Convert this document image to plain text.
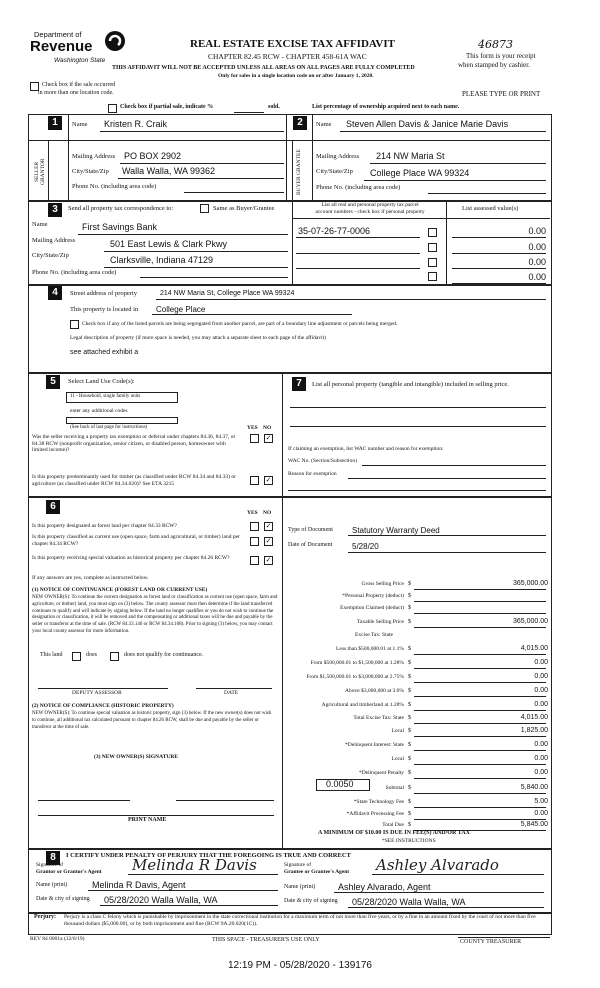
Department of
Revenue
Washington State
REAL ESTATE EXCISE TAX AFFIDAVIT
CHAPTER 82.45 RCW - CHAPTER 458-61A WAC
THIS AFFIDAVIT WILL NOT BE ACCEPTED UNLESS ALL AREAS ON ALL PAGES ARE FULLY COMPLETED
Only for sales in a single location code on or after January 1, 2020.
This form is your receipt
when stamped by cashier.
46873
Check box if the sale occurred
in more than one location code.	PLEASE TYPE OR PRINT
Check box if partial sale, indicate %	sold.	List percentage of ownership acquired next to each name.
1	2
SELLER GRANTOR	BUYER GRANTEE
Name Kristen R. Craik
Mailing Address PO BOX 2902
City/State/Zip Walla Walla, WA 99362
Phone No. (including area code)
Name Steven Allen Davis & Janice Marie Davis
Mailing Address 214 NW Maria St
City/State/Zip College Place WA 99324
Phone No. (including area code)
3	Send all property tax correspondence to:	Same as Buyer/Grantee	List all real and personal property tax parcel
account numbers - check box if personal property	List assessed value(s)
Name	First Savings Bank
Mailing Address	501 East Lewis & Clark Pkwy
City/State/Zip	Clarksville, Indiana 47129
Phone No. (including area code)
35-07-26-77-0006	0.00
0.00
0.00
0.00
4	Street address of property	214 NW Maria St, College Place WA 99324
This property is located in College Place
Check box if any of the listed parcels are being segregated from another parcel, are part of a boundary line adjustment or parcels being merged.
Legal description of property (if more space is needed, you may attach a separate sheet to each page of the affidavit)
see attached exhibit a
5	Select Land Use Code(s):
11 - Household, single family units
enter any additional codes
(See back of last page for instructions)	YES NO
Was the seller receiving a property tax exemption or deferral under chapters 84.36, 84.37, or 84.38 RCW (nonprofit organization, senior citizen, or disabled person, homeowner with limited income)?
✓
Is this property predominantly used for timber (as classified under RCW 84.34 and 84.33) or agriculture (as classified under RCW 84.34.020)? See ETA 3215	✓
7	List all personal property (tangible and intangible) included in selling price.
If claiming an exemption, list WAC number and reason for exemption:
WAC No. (Section/Subsection)
Reason for exemption
6
YES NO
Is this property designated as forest land per chapter 84.33 RCW?	✓
Is this property classified as current use (open space, farm and agricultural, or timber) land per chapter 84.34 RCW?	✓
Is this property receiving special valuation as historical property per chapter 84.26 RCW?	✓
If any answers are yes, complete as instructed below.
(1) NOTICE OF CONTINUANCE (FOREST LAND OR CURRENT USE)
NEW OWNER(S): To continue the current designation as forest land or classification as current use (open space, farm and agriculture, or timber) land, you must sign on (3) below. The county assessor must then determine if the land transferred continues to qualify and will indicate by signing below. If the land no longer qualifies or you do not wish to continue the designation or classification, it will be removed and the compensating or additional taxes will be due and payable by the seller or transferor at the time of sale. (RCW 84.33.140 or RCW 84.34.108). Prior to signing (3) below, you may contact your local county assessor for more information.
This land	does	does not qualify for continuance.
DEPUTY ASSESSOR	DATE
(2) NOTICE OF COMPLIANCE (HISTORIC PROPERTY)
NEW OWNER(S): To continue special valuation as historic property, sign (3) below. If the new owner(s) does not wish to continue, all additional tax calculated pursuant to chapter 84.26 RCW, shall be due and payable by the seller or transferor at the time of sale.
(3) NEW OWNER(S) SIGNATURE
PRINT NAME
Type of Document Statutory Warranty Deed
Date of Document 5/28/20
Gross Selling Price $	365,000.00
*Personal Property (deduct) $
Exemption Claimed (deduct) $
Taxable Selling Price $	365,000.00
Excise Tax: State
Less than $500,000.01 at 1.1% $	4,015.00
From $500,000.01 to $1,500,000 at 1.28% $	0.00
From $1,500,000.01 to $3,000,000 at 2.75% $	0.00
Above $3,000,000 at 3.0% $	0.00
Agricultural and timberland at 1.28% $	0.00
Total Excise Tax: State $	4,015.00
Local $	1,825.00
*Delinquent Interest: State $	0.00
Local $	0.00
*Delinquent Penalty $	0.00
Subtotal $	5,840.00
*State Technology Fee $	5.00
*Affidavit Processing Fee $	0.00
Total Due $	5,845.00
0.0050
A MINIMUM OF $10.00 IS DUE IN FEE(S) AND/OR TAX
*SEE INSTRUCTIONS
8	I CERTIFY UNDER PENALTY OF PERJURY THAT THE FOREGOING IS TRUE AND CORRECT
Signature of
Grantor or Grantor's Agent Melinda R Davis	Signature of
Grantee or Grantee's Agent Ashley Alvarado
Name (print)	Melinda R Davis, Agent	Name (print)	Ashley Alvarado, Agent
Date & city of signing 05/28/2020 Walla Walla, WA	Date & city of signing 05/28/2020 Walla Walla, WA
Perjury: Perjury is a class C felony which is punishable by imprisonment in the state correctional institution for a maximum term of not more than five years, or by a fine in an amount fixed by the court of not more than five thousand dollars ($5,000.00), or by both imprisonment and fine (RCW 9A.20.020(1C)).
REV 84 0001a (12/6/19)	THIS SPACE - TREASURER'S USE ONLY	COUNTY TREASURER
12:19 PM - 05/28/2020 - 139176
